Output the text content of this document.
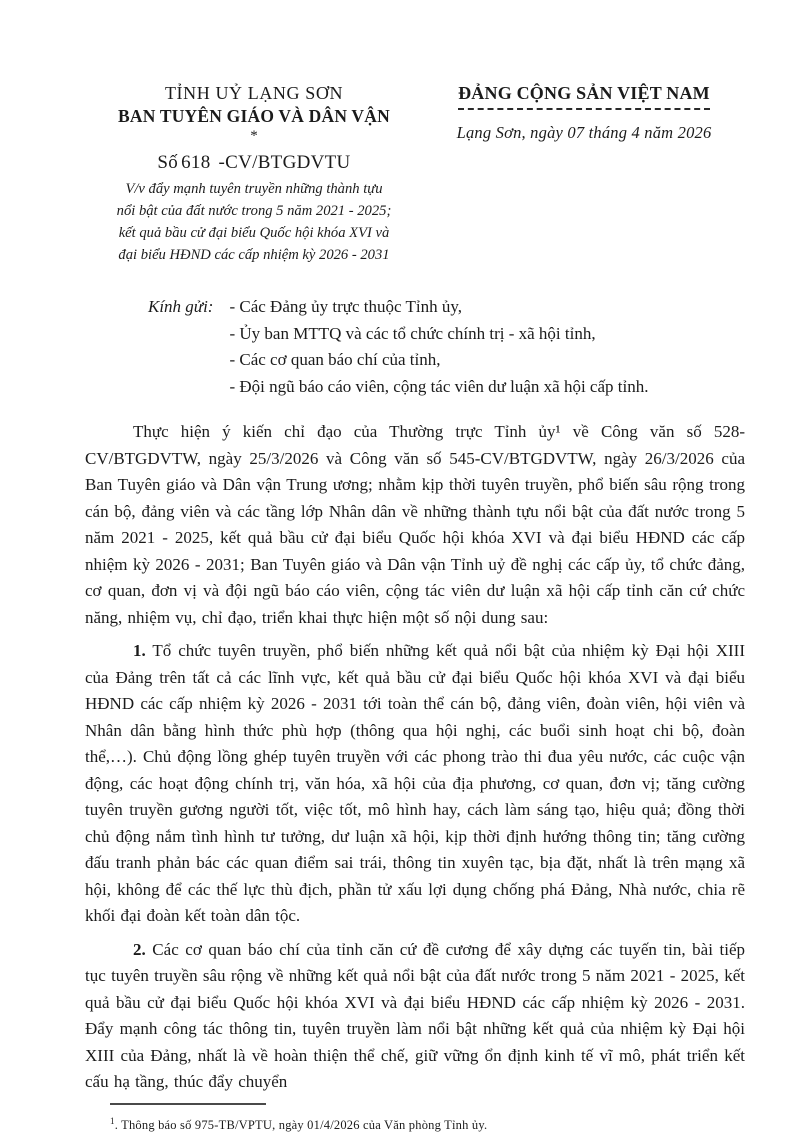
TỈNH UỶ LẠNG SƠN
BAN TUYÊN GIÁO VÀ DÂN VẬN
*
Số 618 -CV/BTGDVTU
V/v đẩy mạnh tuyên truyền những thành tựu
nổi bật của đất nước trong 5 năm 2021 - 2025;
kết quả bầu cử đại biểu Quốc hội khóa XVI và
đại biểu HĐND các cấp nhiệm kỳ 2026 - 2031
ĐẢNG CỘNG SẢN VIỆT NAM
Lạng Sơn, ngày 07 tháng 4 năm 2026
Kính gửi: - Các Đảng ủy trực thuộc Tỉnh ủy,
- Ủy ban MTTQ và các tổ chức chính trị - xã hội tỉnh,
- Các cơ quan báo chí của tỉnh,
- Đội ngũ báo cáo viên, cộng tác viên dư luận xã hội cấp tỉnh.

Thực hiện ý kiến chỉ đạo của Thường trực Tỉnh ủy¹ về Công văn số 528-CV/BTGDVTW, ngày 25/3/2026 và Công văn số 545-CV/BTGDVTW, ngày 26/3/2026 của Ban Tuyên giáo và Dân vận Trung ương; nhằm kịp thời tuyên truyền, phổ biến sâu rộng trong cán bộ, đảng viên và các tầng lớp Nhân dân về những thành tựu nổi bật của đất nước trong 5 năm 2021 - 2025, kết quả bầu cử đại biểu Quốc hội khóa XVI và đại biểu HĐND các cấp nhiệm kỳ 2026 - 2031; Ban Tuyên giáo và Dân vận Tỉnh uỷ đề nghị các cấp ủy, tổ chức đảng, cơ quan, đơn vị và đội ngũ báo cáo viên, cộng tác viên dư luận xã hội cấp tỉnh căn cứ chức năng, nhiệm vụ, chỉ đạo, triển khai thực hiện một số nội dung sau:

1. Tổ chức tuyên truyền, phổ biến những kết quả nổi bật của nhiệm kỳ Đại hội XIII của Đảng trên tất cả các lĩnh vực, kết quả bầu cử đại biểu Quốc hội khóa XVI và đại biểu HĐND các cấp nhiệm kỳ 2026 - 2031 tới toàn thể cán bộ, đảng viên, đoàn viên, hội viên và Nhân dân bằng hình thức phù hợp (thông qua hội nghị, các buổi sinh hoạt chi bộ, đoàn thể,…). Chủ động lồng ghép tuyên truyền với các phong trào thi đua yêu nước, các cuộc vận động, các hoạt động chính trị, văn hóa, xã hội của địa phương, cơ quan, đơn vị; tăng cường tuyên truyền gương người tốt, việc tốt, mô hình hay, cách làm sáng tạo, hiệu quả; đồng thời chủ động nắm tình hình tư tưởng, dư luận xã hội, kịp thời định hướng thông tin; tăng cường đấu tranh phản bác các quan điểm sai trái, thông tin xuyên tạc, bịa đặt, nhất là trên mạng xã hội, không để các thế lực thù địch, phần tử xấu lợi dụng chống phá Đảng, Nhà nước, chia rẽ khối đại đoàn kết toàn dân tộc.

2. Các cơ quan báo chí của tỉnh căn cứ đề cương để xây dựng các tuyến tin, bài tiếp tục tuyên truyền sâu rộng về những kết quả nổi bật của đất nước trong 5 năm 2021 - 2025, kết quả bầu cử đại biểu Quốc hội khóa XVI và đại biểu HĐND các cấp nhiệm kỳ 2026 - 2031. Đẩy mạnh công tác thông tin, tuyên truyền làm nổi bật những kết quả của nhiệm kỳ Đại hội XIII của Đảng, nhất là về hoàn thiện thể chế, giữ vững ổn định kinh tế vĩ mô, phát triển kết cấu hạ tầng, thúc đẩy chuyển

$^1$. Thông báo số 975-TB/VPTU, ngày 01/4/2026 của Văn phòng Tỉnh ủy.
